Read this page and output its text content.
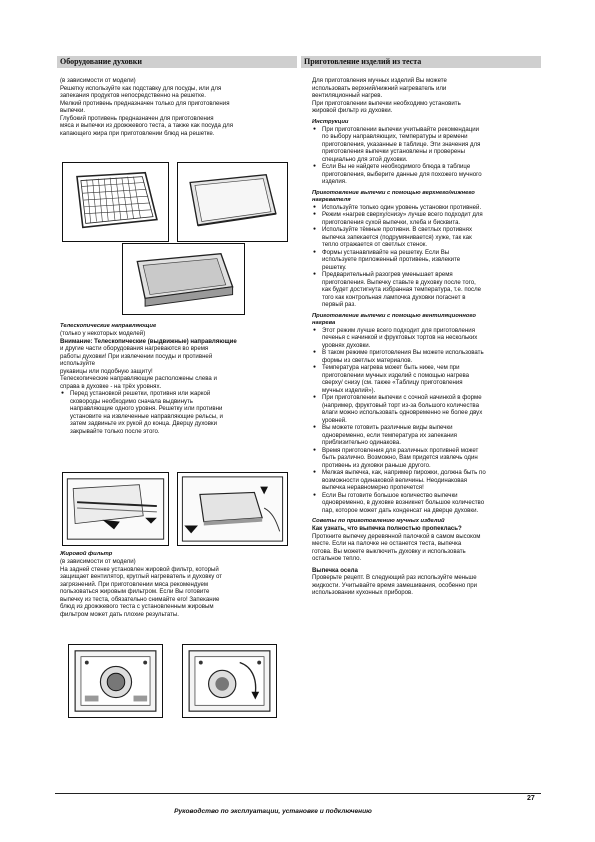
Оборудование духовки	Приготовление изделий из теста
(в зависимости от модели)
Решетку используйте как подставку для посуды, или для
запекания продуктов непосредственно на решетке.
Мелкий противень предназначен только для приготовления
выпечки.
Глубокий противень предназначен для приготовления
мяса и выпечки из дрожжевого теста, а также как посуда для
капающего жира при приготовлении блюд на решетке.
Телескопические направляющие
(только у некоторых моделей)
Внимание: Телескопические (выдвижные) направляющие
и другие части оборудования нагреваются во время
работы духовки! При извлечении посуды и противней
используйте
рукавицы или подобную защиту!
Телескопические направляющие расположены слева и
справа в духовке - на трёх уровнях.
● Перед установкой решетки, противня или жаркой
сковороды необходимо сначала выдвинуть
направляющие одного уровня. Решетку или противни
установите на извлеченные направляющие рельсы, и
затем задвиньте их рукой до конца. Дверцу духовки
закрывайте только после этого.
Жировой фильтр
(в зависимости от модели)
На задней стенке установлен жировой фильтр, который
защищает вентилятор, круглый нагреватель и духовку от
загрязнений. При приготовлении мяса рекомендуем
пользоваться жировым фильтром. Если Вы готовите
выпечку из теста, обязательно снимайте его! Запекание
блюд из дрожжевого теста с установленным жировым
фильтром может дать плохие результаты.
Для приготовления мучных изделий Вы можете
использовать верхний/нижний нагреватель или
вентиляционный нагрев.
При приготовлении выпечки необходимо установить
жировой фильтр из духовки.
Инструкции
● При приготовлении выпечки учитывайте рекомендации
по выбору направляющих, температуры и времени
приготовления, указанные в таблице. Эти значения для
приготовления выпечки установлены и проверены
специально для этой духовки.
● Если Вы не найдете необходимого блюда в таблице
приготовления, выберите данные для похожего мучного
изделия.
Приготовление выпечки с помощью верхнего/нижнего
нагревателя
● Используйте только один уровень установки противней.
● Режим «нагрев сверху/снизу» лучше всего подходит для
приготовления сухой выпечки, хлеба и бисквита.
● Используйте тёмные противни. В светлых противнях
выпечка запекается (подрумянивается) хуже, так как
тепло отражается от светлых стенок.
● Формы устанавливайте на решетку. Если Вы
используете приложенный противень, извлеките
решетку.
● Предварительный разогрев уменьшает время
приготовления. Выпечку ставьте в духовку после того,
как будет достигнута избранная температура, т.е. после
того как контрольная лампочка духовки погаснет в
первый раз.
Приготовление выпечки с помощью вентиляционного
нагрева
● Этот режим лучше всего подходит для приготовления
печенья с начинкой и фруктовых тортов на нескольких
уровнях духовки.
● В таком режиме приготовления Вы можете использовать
формы из светлых материалов.
● Температура нагрева может быть ниже, чем при
приготовлении мучных изделий с помощью нагрева
сверху/ снизу (см. также «Таблицу приготовления
мучных изделий»).
● При приготовлении выпечки с сочной начинкой в форме
(например, фруктовый торт из-за большого количества
влаги можно использовать одновременно не более двух
уровней.
● Вы можете готовить различные виды выпечки
одновременно, если температура их запекания
приблизительно одинакова.
● Время приготовления для различных противней может
быть различно. Возможно, Вам придется извлечь один
противень из духовки раньше другого.
● Мелкая выпечка, как, например пирожки, должна быть по
возможности одинаковой величины. Неодинаковая
выпечка неравномерно пропечется!
● Если Вы готовите большое количество выпечки
одновременно, в духовке возникнет большое количество
пар, которое может дать конденсат на дверце духовки.
Советы по приготовлению мучных изделий
Как узнать, что выпечка полностью пропеклась?
Проткните выпечку деревянной палочкой в самом высоком
месте. Если на палочке не останется теста, выпечка
готова. Вы можете выключить духовку и использовать
остальное тепло.
Выпечка осела
Проверьте рецепт. В следующий раз используйте меньше
жидкости. Учитывайте время замешивания, особенно при
использовании кухонных приборов.
Руководство по эксплуатации, установке и подключению
27
